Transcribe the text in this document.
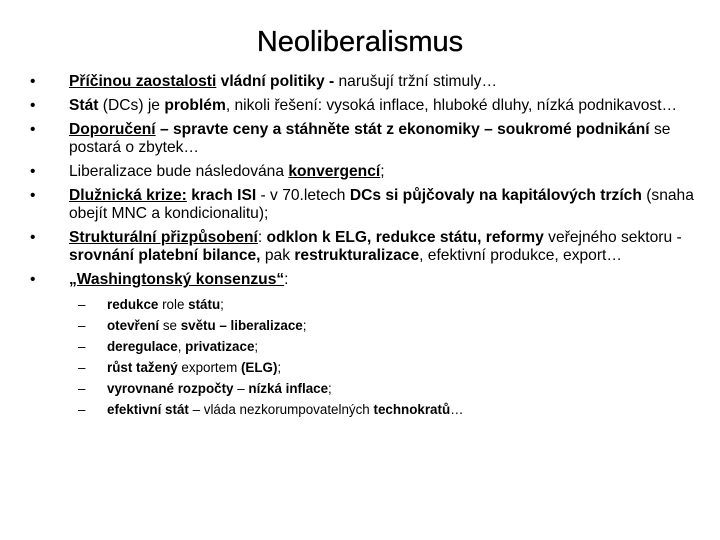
Neoliberalismus
•	Příčinou zaostalosti vládní politiky - narušují tržní stimuly…
•	Stát (DCs) je problém, nikoli řešení: vysoká inflace, hluboké dluhy, nízká podnikavost…
•	Doporučení – spravte ceny a stáhněte stát z ekonomiky – soukromé podnikání se postará o zbytek…
•	Liberalizace bude následována konvergencí;
•	Dlužnická krize: krach ISI - v 70.letech DCs si půjčovaly na kapitálových trzích (snaha obejít MNC a kondicionalitu);
•	Strukturální přizpůsobení: odklon k ELG, redukce státu, reformy veřejného sektoru - srovnání platební bilance, pak restrukturalizace, efektivní produkce, export…
•	„Washingtonský konsenzus“:
– redukce role státu;
– otevření se světu – liberalizace;
– deregulace, privatizace;
– růst tažený exportem (ELG);
– vyrovnané rozpočty – nízká inflace;
– efektivní stát – vláda nezkorumpovatelných technokratů…
